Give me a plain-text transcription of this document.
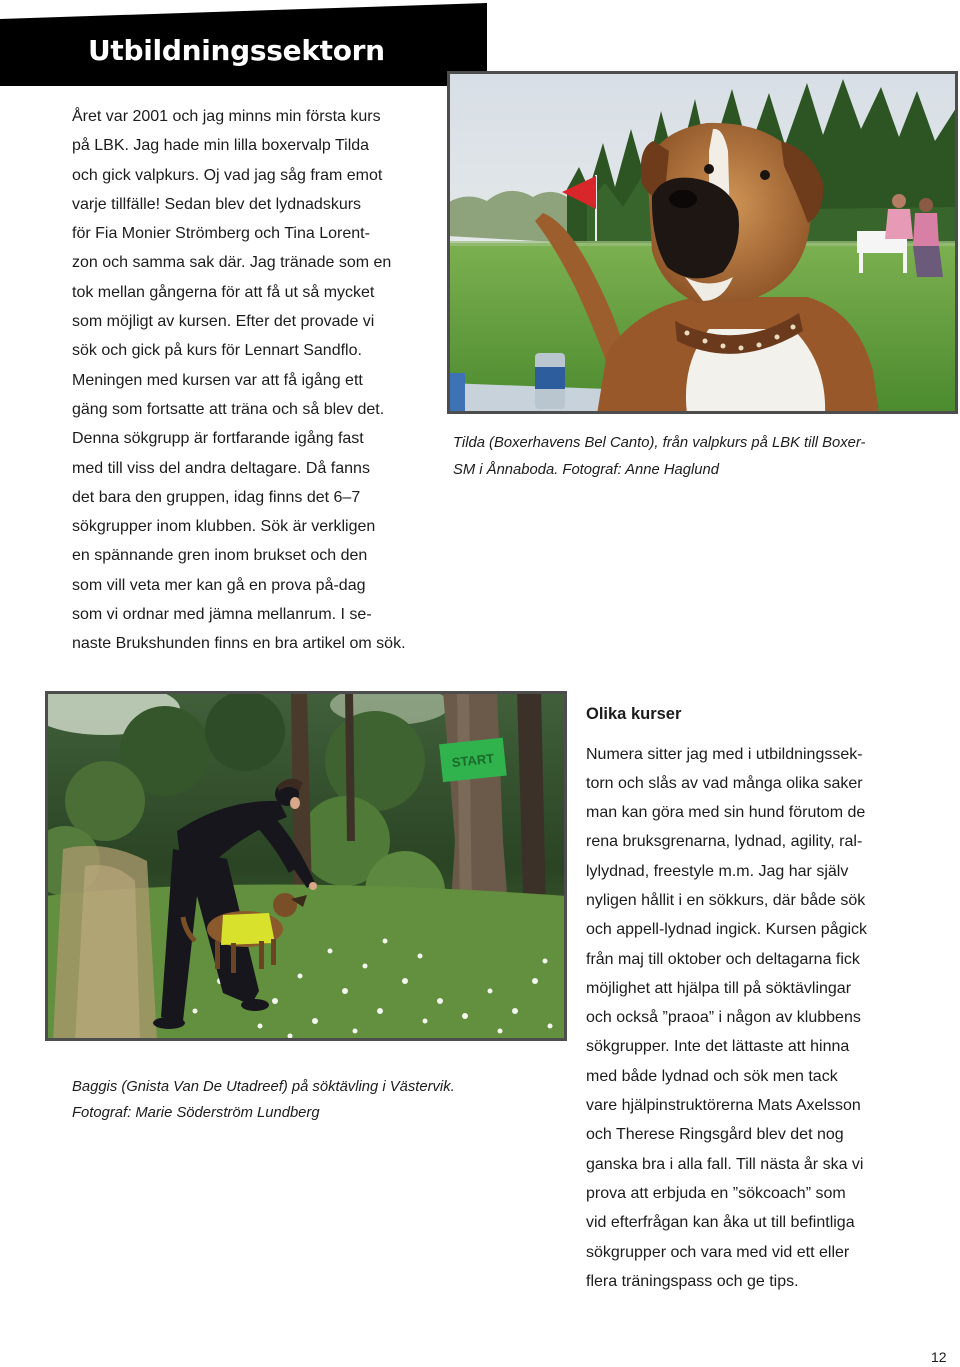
Utbildningssektorn
Året var 2001 och jag minns min första kurs
på LBK. Jag hade min lilla boxervalp Tilda
och gick valpkurs. Oj vad jag såg fram emot
varje tillfälle! Sedan blev det lydnadskurs
för Fia Monier Strömberg och Tina Lorent-
zon och samma sak där. Jag tränade som en
tok mellan gångerna för att få ut så mycket
som möjligt av kursen. Efter det provade vi
sök och gick på kurs för Lennart Sandflo.
Meningen med kursen var att få igång ett
gäng som fortsatte att träna och så blev det.
Denna sökgrupp är fortfarande igång fast
med till viss del andra deltagare. Då fanns
det bara den gruppen, idag finns det 6–7
sökgrupper inom klubben. Sök är verkligen
en spännande gren inom brukset och den
som vill veta mer kan gå en prova på-dag
som vi ordnar med jämna mellanrum. I se-
naste Brukshunden finns en bra artikel om sök.
Tilda (Boxerhavens Bel Canto), från valpkurs på LBK till Boxer-
SM i Ånnaboda. Fotograf: Anne Haglund
START
Baggis (Gnista Van De Utadreef) på söktävling i Västervik.
Fotograf: Marie Söderström Lundberg
Olika kurser
Numera sitter jag med i utbildningssek-
torn och slås av vad många olika saker
man kan göra med sin hund förutom de
rena bruksgrenarna, lydnad, agility, ral-
lylydnad, freestyle m.m. Jag har själv
nyligen hållit i en sökkurs, där både sök
och appell-lydnad ingick. Kursen pågick
från maj till oktober och deltagarna fick
möjlighet att hjälpa till på söktävlingar
och också ”praoa” i någon av klubbens
sökgrupper. Inte det lättaste att hinna
med både lydnad och sök men tack
vare hjälpinstruktörerna Mats Axelsson
och Therese Ringsgård blev det nog
ganska bra i alla fall. Till nästa år ska vi
prova att erbjuda en ”sökcoach” som
vid efterfrågan kan åka ut till befintliga
sökgrupper och vara med vid ett eller
flera träningspass och ge tips.
12
